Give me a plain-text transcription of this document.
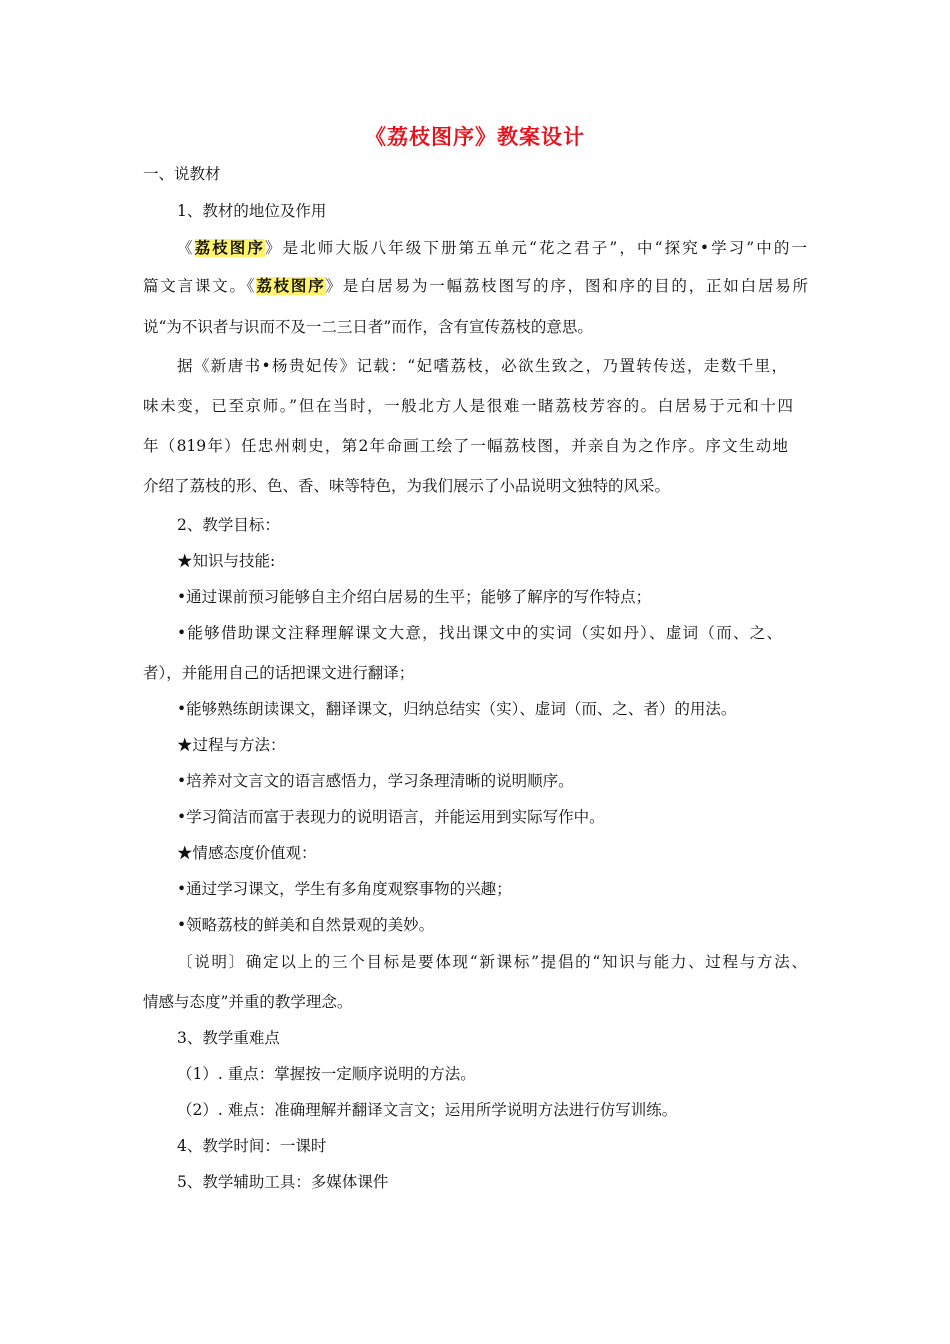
《荔枝图序》教案设计
一、说教材
1、教材的地位及作用
《荔枝图序》是北师大版八年级下册第五单元“花之君子”，中“探究•学习”中的一
篇文言课文。《荔枝图序》是白居易为一幅荔枝图写的序，图和序的目的，正如白居易所
说“为不识者与识而不及一二三日者”而作，含有宣传荔枝的意思。
据《新唐书•杨贵妃传》记载：“妃嗜荔枝，必欲生致之，乃置转传送，走数千里，
味未变，已至京师。”但在当时，一般北方人是很难一睹荔枝芳容的。白居易于元和十四
年（819年）任忠州刺史，第2年命画工绘了一幅荔枝图，并亲自为之作序。序文生动地
介绍了荔枝的形、色、香、味等特色，为我们展示了小品说明文独特的风采。
2、教学目标：
★知识与技能:
•通过课前预习能够自主介绍白居易的生平；能够了解序的写作特点；
•能够借助课文注释理解课文大意，找出课文中的实词（实如丹）、虚词（而、之、
者），并能用自己的话把课文进行翻译；
•能够熟练朗读课文，翻译课文，归纳总结实（实）、虚词（而、之、者）的用法。
★过程与方法：
•培养对文言文的语言感悟力，学习条理清晰的说明顺序。
•学习简洁而富于表现力的说明语言，并能运用到实际写作中。
★情感态度价值观：
•通过学习课文，学生有多角度观察事物的兴趣；
•领略荔枝的鲜美和自然景观的美妙。
〔说明〕确定以上的三个目标是要体现“新课标”提倡的“知识与能力、过程与方法、
情感与态度”并重的教学理念。
3、教学重难点
（1）. 重点：掌握按一定顺序说明的方法。
（2）. 难点：准确理解并翻译文言文；运用所学说明方法进行仿写训练。
4、教学时间：一课时
5、教学辅助工具：多媒体课件
